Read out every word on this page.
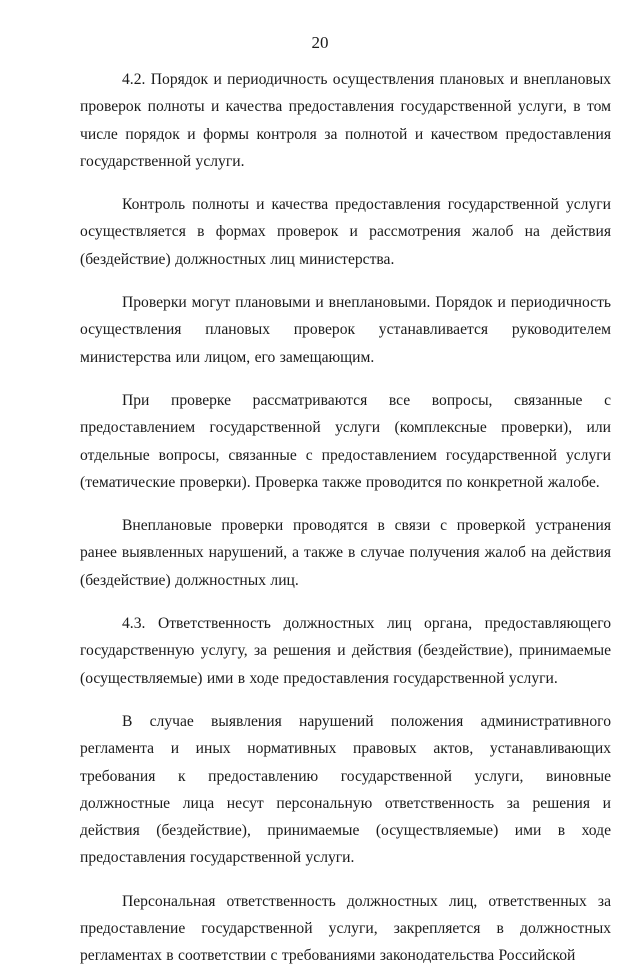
20

4.2. Порядок и периодичность осуществления плановых и внеплановых проверок полноты и качества предоставления государственной услуги, в том числе порядок и формы контроля за полнотой и качеством предоставления государственной услуги.

Контроль полноты и качества предоставления государственной услуги осуществляется в формах проверок и рассмотрения жалоб на действия (бездействие) должностных лиц министерства.

Проверки могут плановыми и внеплановыми. Порядок и периодичность осуществления плановых проверок устанавливается руководителем министерства или лицом, его замещающим.

При проверке рассматриваются все вопросы, связанные с предоставлением государственной услуги (комплексные проверки), или отдельные вопросы, связанные с предоставлением государственной услуги (тематические проверки). Проверка также проводится по конкретной жалобе.

Внеплановые проверки проводятся в связи с проверкой устранения ранее выявленных нарушений, а также в случае получения жалоб на действия (бездействие) должностных лиц.

4.3. Ответственность должностных лиц органа, предоставляющего государственную услугу, за решения и действия (бездействие), принимаемые (осуществляемые) ими в ходе предоставления государственной услуги.

В случае выявления нарушений положения административного регламента и иных нормативных правовых актов, устанавливающих требования к предоставлению государственной услуги, виновные должностные лица несут персональную ответственность за решения и действия (бездействие), принимаемые (осуществляемые) ими в ходе предоставления государственной услуги.

Персональная ответственность должностных лиц, ответственных за предоставление государственной услуги, закрепляется в должностных регламентах в соответствии с требованиями законодательства Российской
